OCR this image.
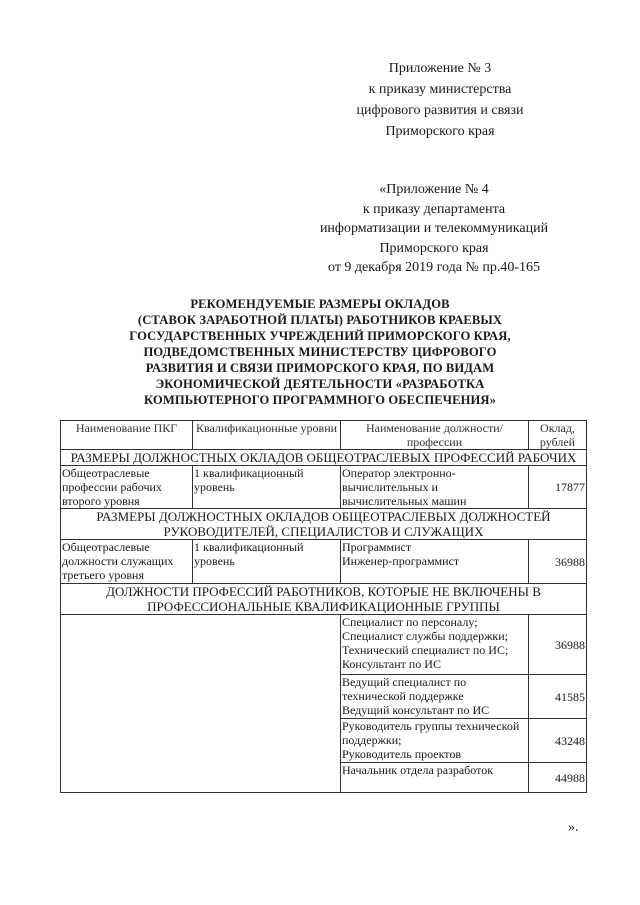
Приложение № 3
к приказу министерства
цифрового развития и связи
Приморского края
«Приложение № 4
к приказу департамента
информатизации и телекоммуникаций
Приморского края
от 9 декабря 2019 года № пр.40-165
РЕКОМЕНДУЕМЫЕ РАЗМЕРЫ ОКЛАДОВ
(СТАВОК ЗАРАБОТНОЙ ПЛАТЫ) РАБОТНИКОВ КРАЕВЫХ
ГОСУДАРСТВЕННЫХ УЧРЕЖДЕНИЙ ПРИМОРСКОГО КРАЯ,
ПОДВЕДОМСТВЕННЫХ МИНИСТЕРСТВУ ЦИФРОВОГО
РАЗВИТИЯ И СВЯЗИ ПРИМОРСКОГО КРАЯ, ПО ВИДАМ
ЭКОНОМИЧЕСКОЙ ДЕЯТЕЛЬНОСТИ «РАЗРАБОТКА
КОМПЬЮТЕРНОГО ПРОГРАММНОГО ОБЕСПЕЧЕНИЯ»
Наименование ПКГ	Квалификационные уровни	Наименование должности/профессии	Оклад, рублей
РАЗМЕРЫ ДОЛЖНОСТНЫХ ОКЛАДОВ ОБЩЕОТРАСЛЕВЫХ ПРОФЕССИЙ РАБОЧИХ			
Общеотраслевые профессии рабочих второго уровня	1 квалификационный уровень	Оператор электронно-вычислительных и вычислительных машин	17877
РАЗМЕРЫ ДОЛЖНОСТНЫХ ОКЛАДОВ ОБЩЕОТРАСЛЕВЫХ ДОЛЖНОСТЕЙ РУКОВОДИТЕЛЕЙ, СПЕЦИАЛИСТОВ И СЛУЖАЩИХ			
Общеотраслевые должности служащих третьего уровня	1 квалификационный уровень	Программист
Инженер-программист	36988
ДОЛЖНОСТИ ПРОФЕССИЙ РАБОТНИКОВ, КОТОРЫЕ НЕ ВКЛЮЧЕНЫ В ПРОФЕССИОНАЛЬНЫЕ КВАЛИФИКАЦИОННЫЕ ГРУППЫ			

		Специалист по персоналу;
Специалист службы поддержки;
Технический специалист по ИС;
Консультант по ИС	36988

		Ведущий специалист по технической поддержке
Ведущий консультант по ИС	41585

		Руководитель группы технической поддержки;
Руководитель проектов	43248
		Начальник отдела разработок	44988
».
